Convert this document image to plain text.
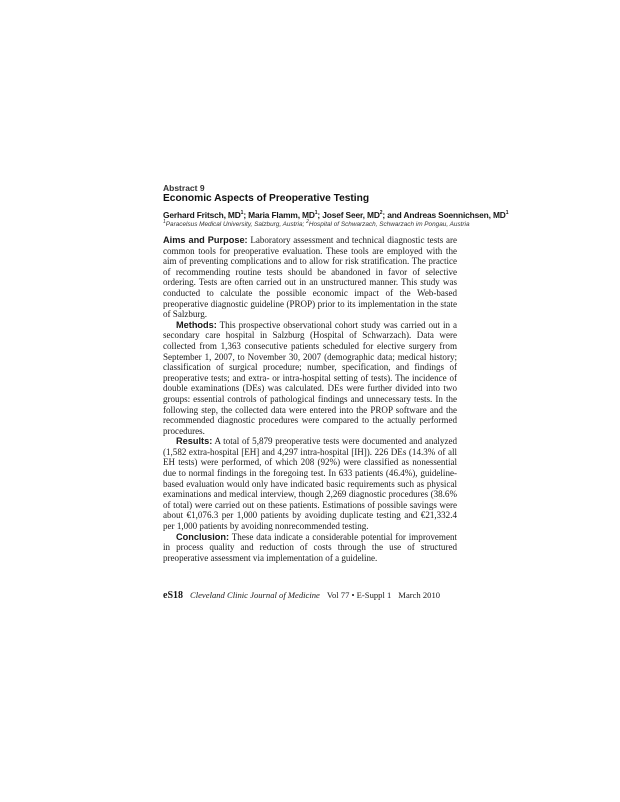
Abstract 9
Economic Aspects of Preoperative Testing
Gerhard Fritsch, $MD^1$; Maria Flamm, $MD^1$; Josef Seer, $MD^2$; and Andreas Soennichsen, $MD^1$
$^1$Paracelsus Medical University, Salzburg, Austria; $^2$Hospital of Schwarzach, Schwarzach im Pongau, Austria

Aims and Purpose: Laboratory assessment and technical diagnostic tests are common tools for preoperative evaluation. These tools are employed with the aim of preventing complications and to allow for risk stratification. The practice of recommending routine tests should be abandoned in favor of selective ordering. Tests are often carried out in an unstructured manner. This study was conducted to calculate the possible economic impact of the Web-based preoperative diagnostic guideline (PROP) prior to its implementation in the state of Salzburg.

Methods: This prospective observational cohort study was carried out in a secondary care hospital in Salzburg (Hospital of Schwarzach). Data were collected from 1,363 consecutive patients scheduled for elective surgery from September 1, 2007, to November 30, 2007 (demographic data; medical history; classification of surgical procedure; number, specification, and findings of preoperative tests; and extra- or intra-hospital setting of tests). The incidence of double examinations (DEs) was calculated. DEs were further divided into two groups: essential controls of pathological findings and unnecessary tests. In the following step, the collected data were entered into the PROP software and the recommended diagnostic procedures were compared to the actually performed procedures.

Results: A total of 5,879 preoperative tests were documented and analyzed (1,582 extra-hospital [EH] and 4,297 intra-hospital [IH]). 226 DEs (14.3% of all EH tests) were performed, of which 208 (92%) were classified as nonessential due to normal findings in the foregoing test. In 633 patients (46.4%), guideline-based evaluation would only have indicated basic requirements such as physical examinations and medical interview, though 2,269 diagnostic procedures (38.6% of total) were carried out on these patients. Estimations of possible savings were about €1,076.3 per 1,000 patients by avoiding duplicate testing and €21,332.4 per 1,000 patients by avoiding nonrecommended testing.

Conclusion: These data indicate a considerable potential for improvement in process quality and reduction of costs through the use of structured preoperative assessment via implementation of a guideline.

eS18 Cleveland Clinic Journal of Medicine Vol 77 • E-Suppl 1 March 2010
